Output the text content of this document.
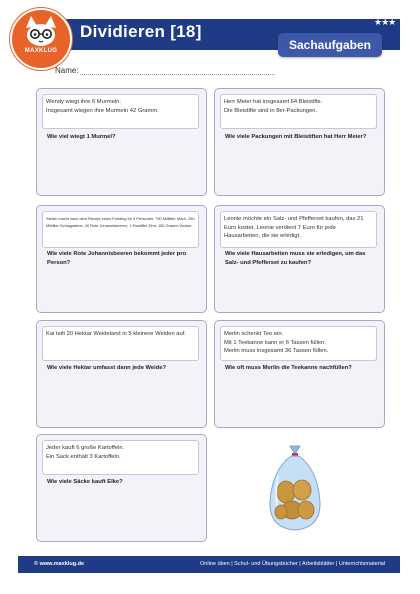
MAXKLUG
Dividieren [18]	★★★
Sachaufgaben
Name:
Wendy wiegt ihre 6 Murmeln.
Insgesamt wiegen ihre Murmeln 42 Gramm.
Wie viel wiegt 1 Murmel?
Herr Meier hat insgesamt 64 Bleistifte.
Die Bleistifte sind in 8er-Packungen.
Wie viele Packungen mit Bleistiften hat Herr Meier?
Stefan macht nach dem Rezept einen Pudding für 5 Personen: 750 Milliliter Milch, 250 Milliliter Schlagsahne, 40 Rote Johannisbeeren, 1 Esslöffel Zimt, 150 Gramm Zucker.
Wie viele Rote Johannisbeeren bekommt jeder pro Person?
Leonie möchte ein Salz- und Pfefferset kaufen, das 21 Euro kostet. Leonie verdient 7 Euro für jede Hausarbeiten, die sie erledigt.
Wie viele Hausarbeiten muss sie erledigen, um das Salz- und Pfefferset zu kaufen?
Kai teilt 20 Hektar Weideland in 5 kleinere Weiden auf.
Wie viele Hektar umfasst dann jede Weide?
Merlin schenkt Tee ein.
Mit 1 Teekanne kann er 6 Tassen füllen.
Merlin muss insgesamt 36 Tassen füllen.
Wie oft muss Merlin die Teekanne nachfüllen?
Jeder kauft 6 große Kartoffeln.
Ein Sack enthält 3 Kartoffeln.
Wie viele Säcke kauft Elke?
© www.maxklug.de	Online üben | Schul- und Übungsbücher | Arbeitsblätter | Unterrichtsmaterial
